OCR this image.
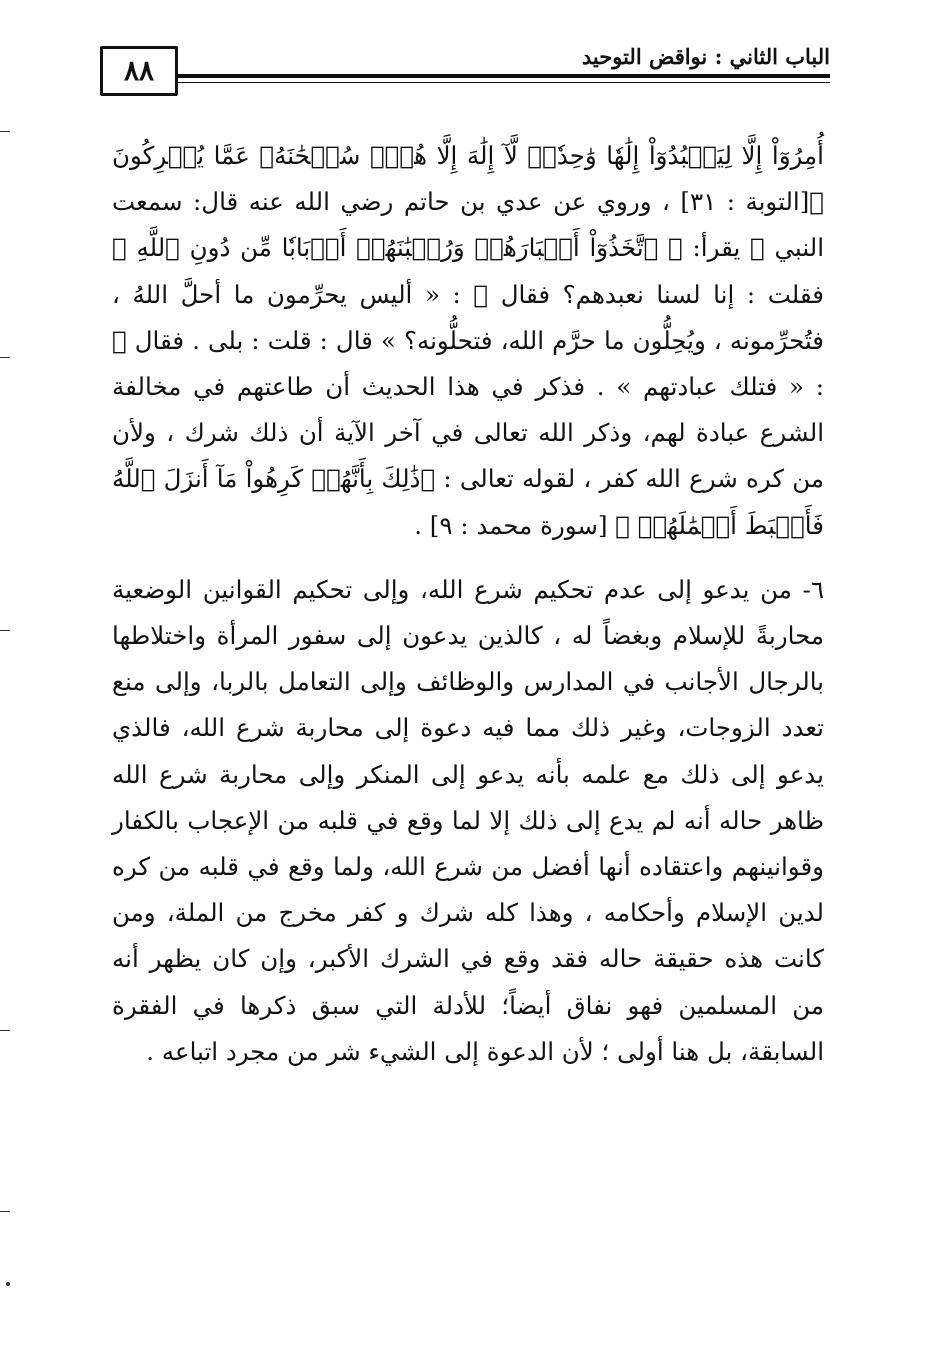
٨٨	الباب الثاني : نواقض التوحيد

أُمِرُوٓاْ إِلَّا لِيَعۡبُدُوٓاْ إِلَٰهٗا وَٰحِدٗاۖ لَّآ إِلَٰهَ إِلَّا هُوَۚ سُبۡحَٰنَهُۥ عَمَّا يُشۡرِكُونَ ﴾[التوبة : ٣١] ، وروي عن عدي بن حاتم رضي الله عنه قال: سمعت النبي ﷺ يقرأ: ﴿ ٱتَّخَذُوٓاْ أَحۡبَارَهُمۡ وَرُهۡبَٰنَهُمۡ أَرۡبَابٗا مِّن دُونِ ٱللَّهِ ﴾ فقلت : إنا لسنا نعبدهم؟ فقال ﷺ : « أليس يحرِّمون ما أحلَّ اللهُ ، فتُحرِّمونه ، ويُحِلُّون ما حرَّم الله، فتحلُّونه؟ » قال : قلت : بلى . فقال ﷺ : « فتلك عبادتهم » . فذكر في هذا الحديث أن طاعتهم في مخالفة الشرع عبادة لهم، وذكر الله تعالى في آخر الآية أن ذلك شرك ، ولأن من كره شرع الله كفر ، لقوله تعالى : ﴿ذَٰلِكَ بِأَنَّهُمۡ كَرِهُواْ مَآ أَنزَلَ ٱللَّهُ فَأَحۡبَطَ أَعۡمَٰلَهُمۡ ﴾ [سورة محمد : ٩] .

٦- من يدعو إلى عدم تحكيم شرع الله، وإلى تحكيم القوانين الوضعية محاربةً للإسلام وبغضاً له ، كالذين يدعون إلى سفور المرأة واختلاطها بالرجال الأجانب في المدارس والوظائف وإلى التعامل بالربا، وإلى منع تعدد الزوجات، وغير ذلك مما فيه دعوة إلى محاربة شرع الله، فالذي يدعو إلى ذلك مع علمه بأنه يدعو إلى المنكر وإلى محاربة شرع الله ظاهر حاله أنه لم يدع إلى ذلك إلا لما وقع في قلبه من الإعجاب بالكفار وقوانينهم واعتقاده أنها أفضل من شرع الله، ولما وقع في قلبه من كره لدين الإسلام وأحكامه ، وهذا كله شرك و كفر مخرج من الملة، ومن كانت هذه حقيقة حاله فقد وقع في الشرك الأكبر، وإن كان يظهر أنه من المسلمين فهو نفاق أيضاً؛ للأدلة التي سبق ذكرها في الفقرة السابقة، بل هنا أولى ؛ لأن الدعوة إلى الشيء شر من مجرد اتباعه .
